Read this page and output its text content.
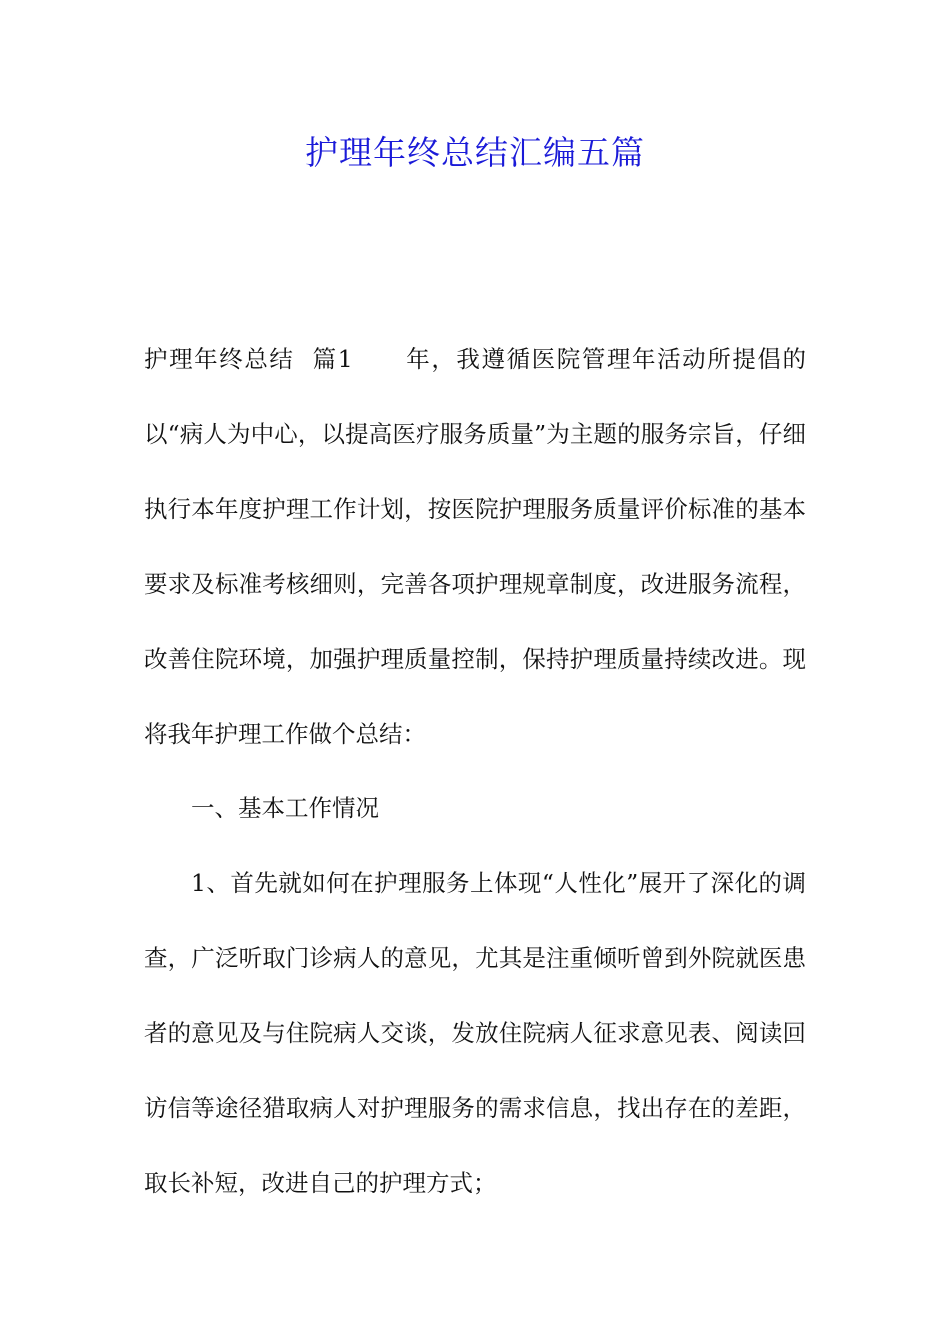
护理年终总结汇编五篇

护理年终总结  篇1 年，我遵循医院管理年活动所提倡的以“病人为中心，以提高医疗服务质量”为主题的服务宗旨，仔细执行本年度护理工作计划，按医院护理服务质量评价标准的基本要求及标准考核细则，完善各项护理规章制度，改进服务流程，改善住院环境，加强护理质量控制，保持护理质量持续改进。现将我年护理工作做个总结：

一、基本工作情况

1、首先就如何在护理服务上体现“人性化”展开了深化的调查，广泛听取门诊病人的意见，尤其是注重倾听曾到外院就医患者的意见及与住院病人交谈，发放住院病人征求意见表、阅读回访信等途径猎取病人对护理服务的需求信息，找出存在的差距，取长补短，改进自己的护理方式；
